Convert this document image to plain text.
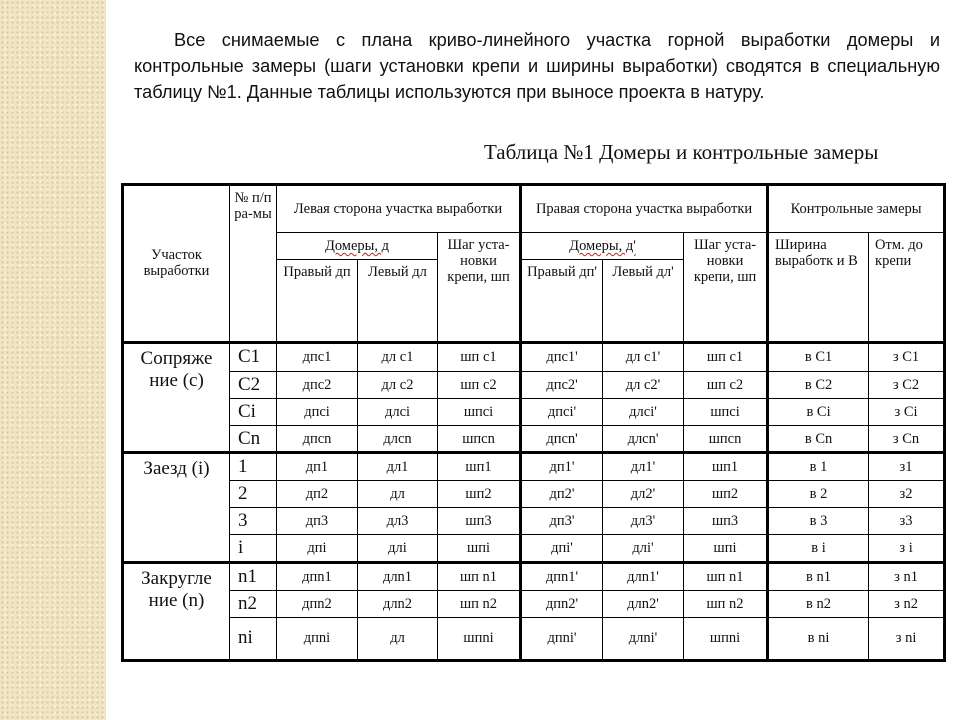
Все снимаемые с плана криво-линейного участка горной выработки домеры и контрольные замеры (шаги установки крепи и ширины выработки) сводятся в специальную таблицу №1. Данные таблицы используются при выносе проекта в натуру.

Таблица №1 Домеры и контрольные замеры

Участок выработки	№ п/п ра-мы	Левая сторона участка выработки			Правая сторона участка выработки			Контрольные замеры	
		Домеры, д		Шаг уста-новки крепи, шп	Домеры, д'		Шаг уста-новки крепи, шп	Ширина выработк и В	Отм. до крепи
		Правый дп	Левый дл		Правый дп'	Левый дл'			
Сопряже ние (с)	C1	дпс1	дл с1	шп с1	дпс1'	дл с1'	шп с1	в С1	з С1
	C2	дпс2	дл с2	шп с2	дпс2'	дл с2'	шп с2	в С2	з С2
	Ci	дпсi	длсi	шпсi	дпсi'	длсi'	шпсi	в Сi	з Сi
	Cn	дпсn	длсn	шпсn	дпсn'	длсn'	шпсn	в Сn	з Сn
Заезд (i)	1	дп1	дл1	шп1	дп1'	дл1'	шп1	в 1	з1
	2	дп2	дл	шп2	дп2'	дл2'	шп2	в 2	з2
	3	дп3	дл3	шп3	дп3'	дл3'	шп3	в 3	з3
	i	дпi	длi	шпi	дпi'	длi'	шпi	в i	з i
Закругле ние (n)	n1	дпn1	длn1	шп n1	дпn1'	длn1'	шп n1	в n1	з n1
	n2	дпn2	длn2	шп n2	дпn2'	длn2'	шп n2	в n2	з n2
	ni	дпni	дл	шпni	дпni'	длni'	шпni	в ni	з ni
